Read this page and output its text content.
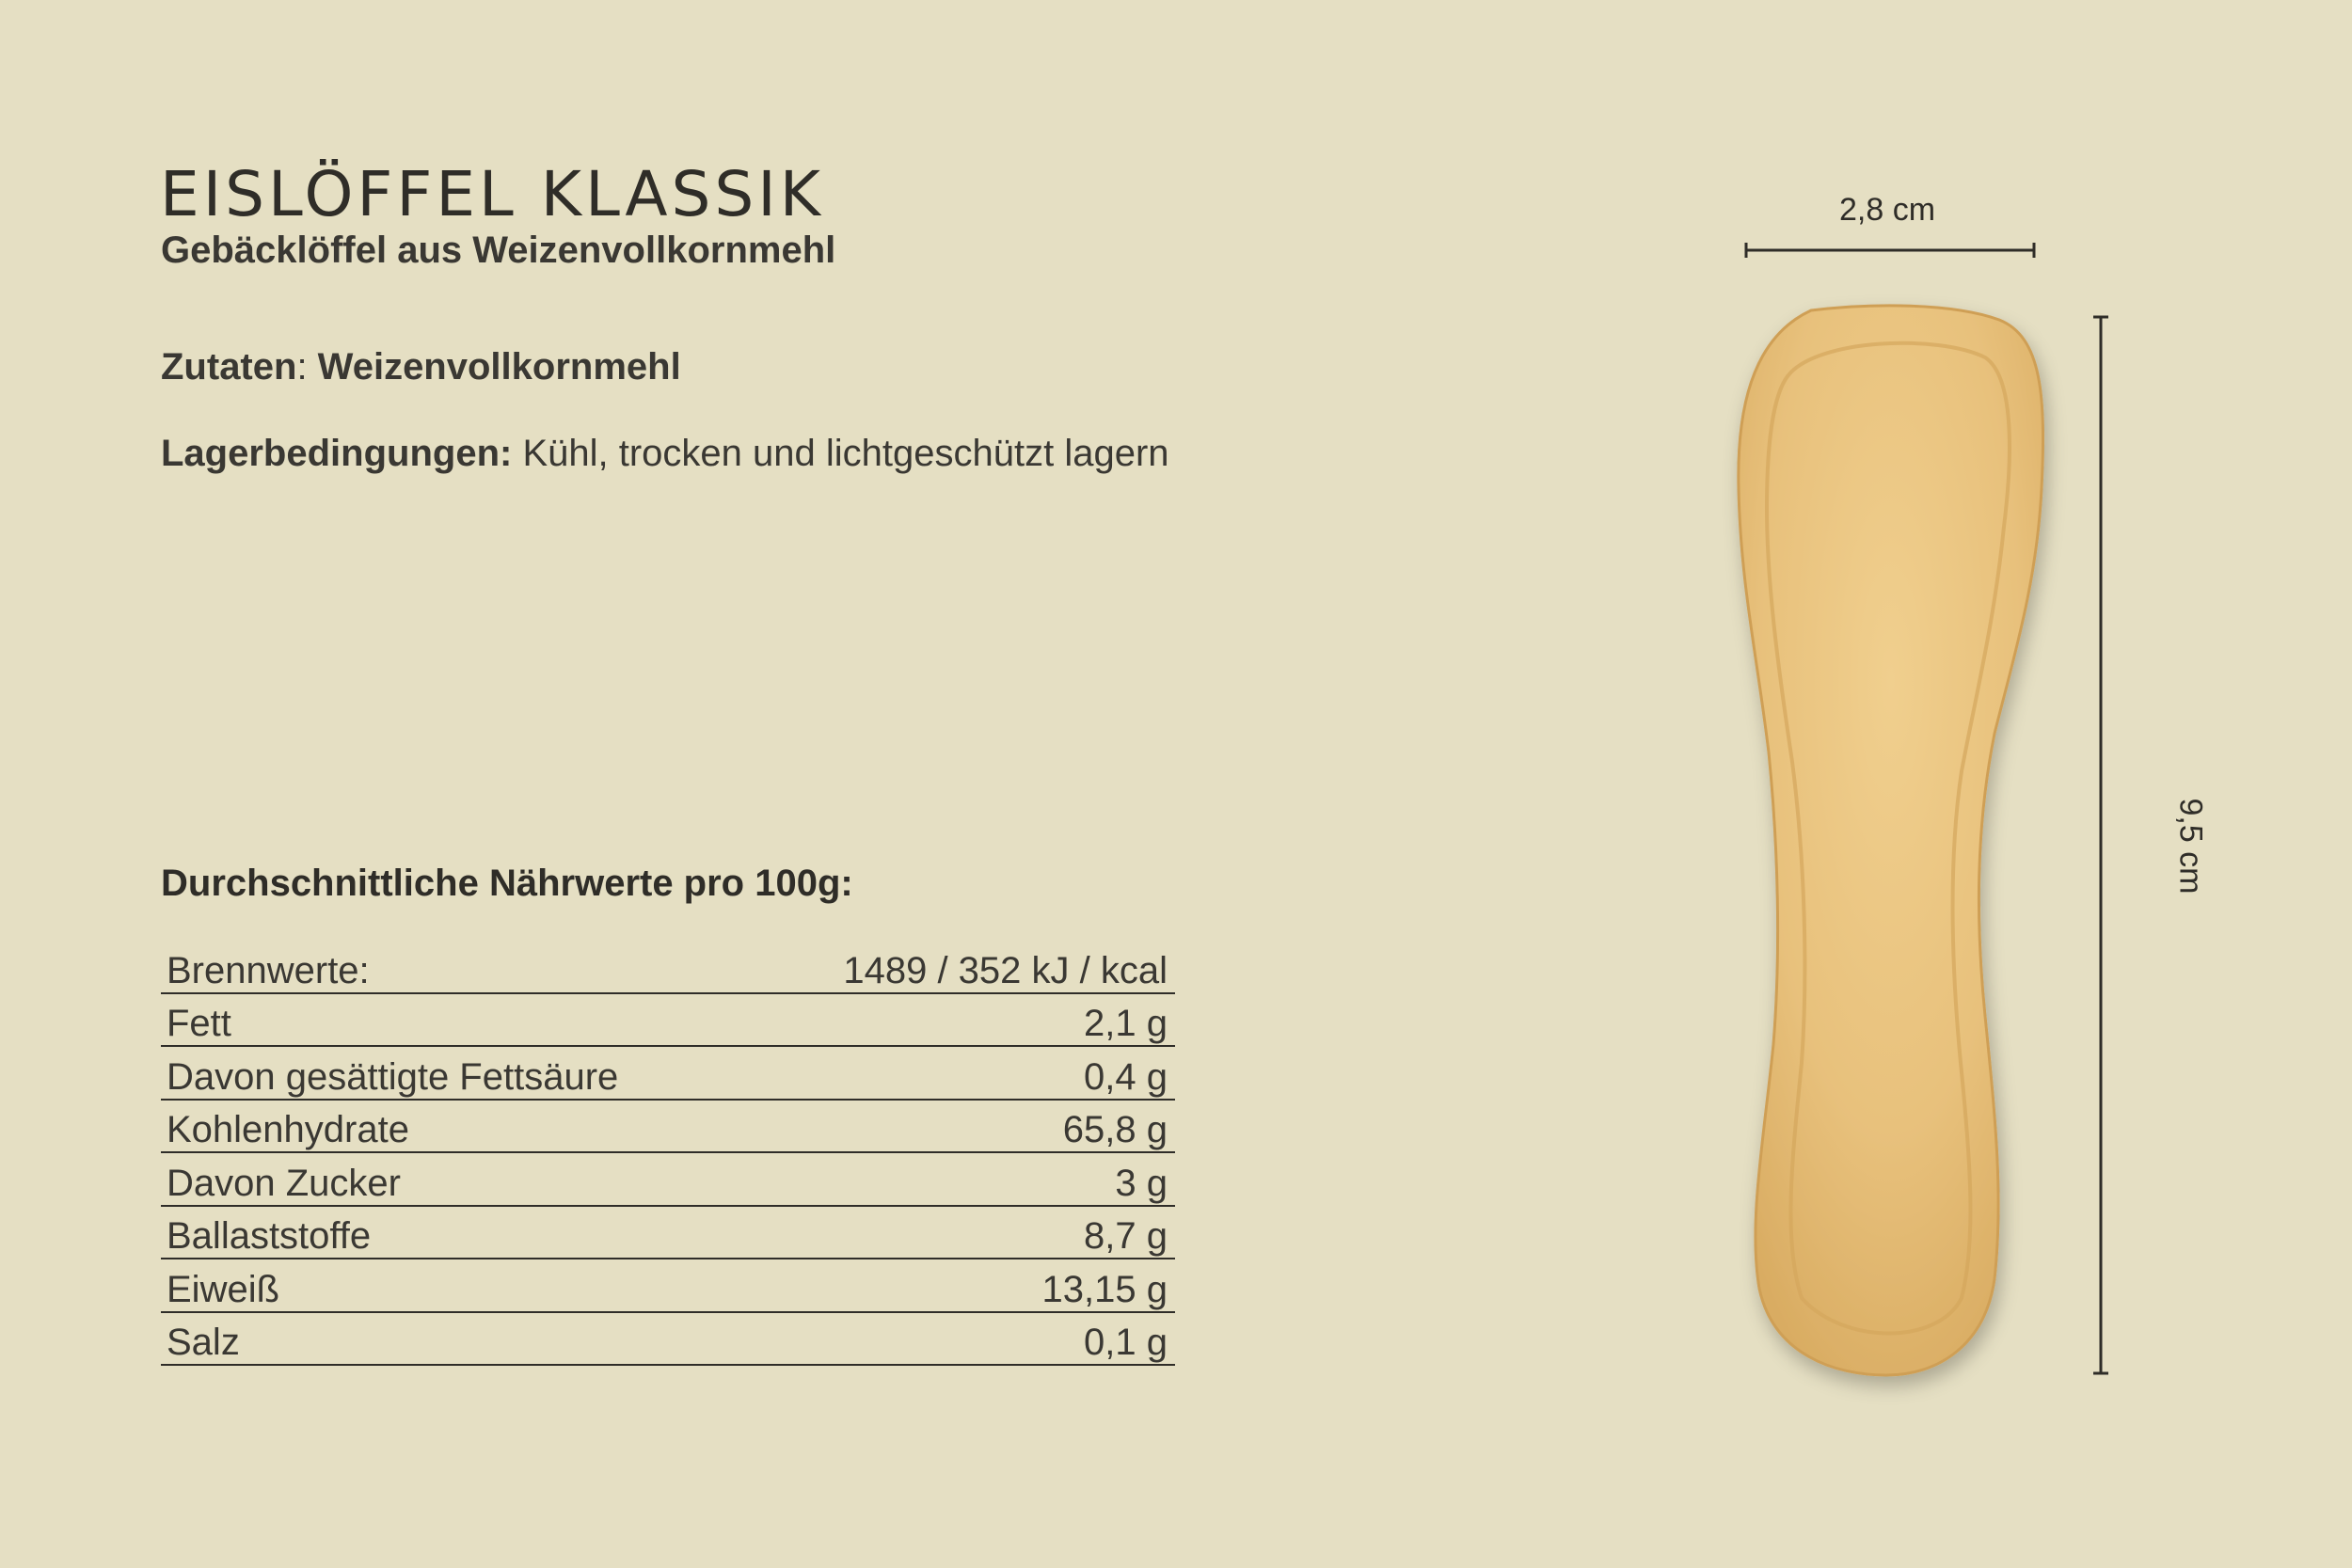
EISLÖFFEL KLASSIK
Gebäcklöffel aus Weizenvollkornmehl
Zutaten: Weizenvollkornmehl
Lagerbedingungen: Kühl, trocken und lichtgeschützt lagern
Durchschnittliche Nährwerte pro 100g:
Brennwerte:	1489 / 352 kJ / kcal
Fett	2,1 g
Davon gesättigte Fettsäure	0,4 g
Kohlenhydrate	65,8 g
Davon Zucker	3 g
Ballaststoffe	8,7 g
Eiweiß	13,15 g
Salz	0,1 g
2,8 cm
9,5 cm
